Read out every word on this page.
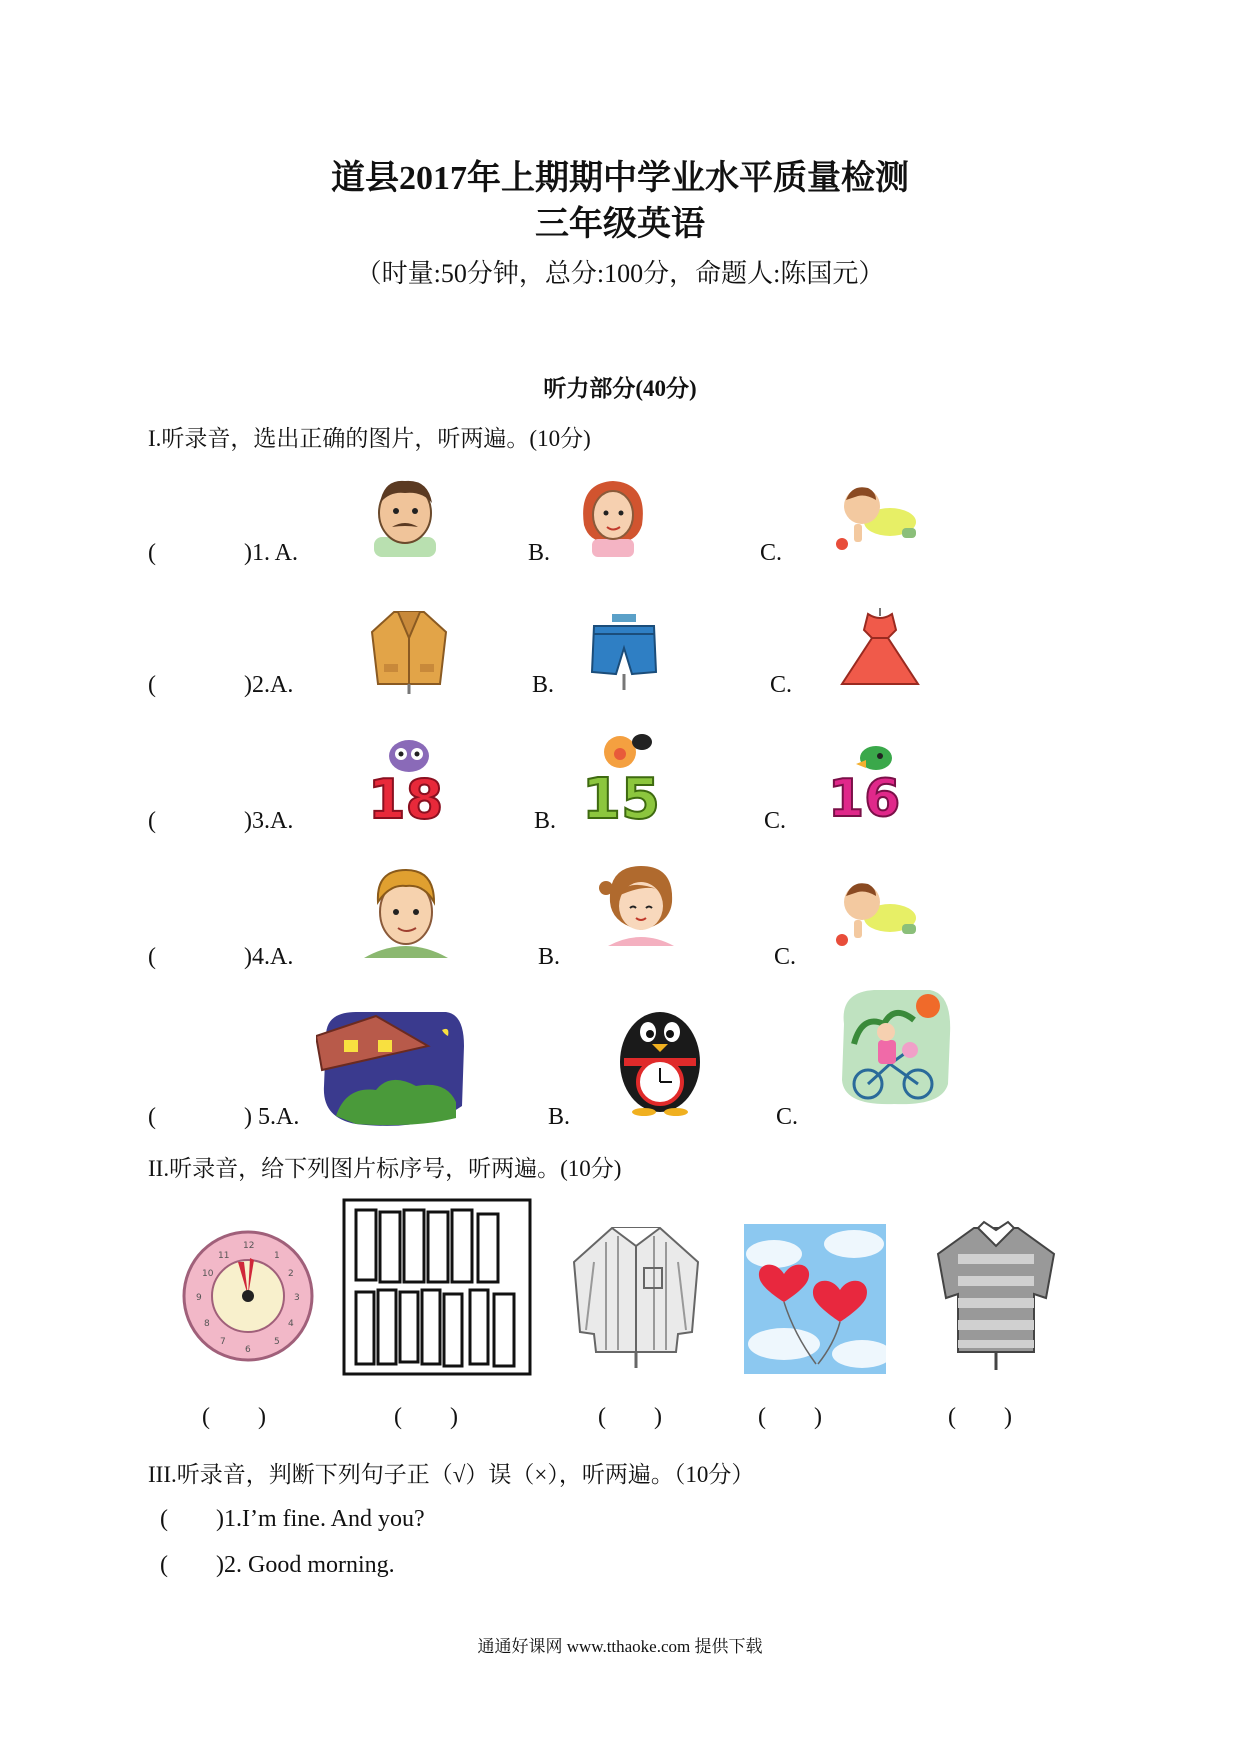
道县2017年上期期中学业水平质量检测
三年级英语
（时量:50分钟，总分:100分，命题人:陈国元）
听力部分(40分)
I.听录音，选出正确的图片，听两遍。(10分)
(	)1. A.	B.	C.
(	)2.A.	B.	C.
(	)3.A.	B.	C.
18 15	16
(	)4.A.	B.	C.
(	) 5.A.	B.	C.
II.听录音，给下列图片标序号，听两遍。(10分)
12
3
6
9
1
2
4
5
7
8
10
11
(　　)	(　　)	(　　)	(　　)	(　　)
III.听录音，判断下列句子正（√）误（×），听两遍。（10分）
( )1.I’m fine. And you?
( )2. Good morning.
通通好课网 www.tthaoke.com 提供下载
